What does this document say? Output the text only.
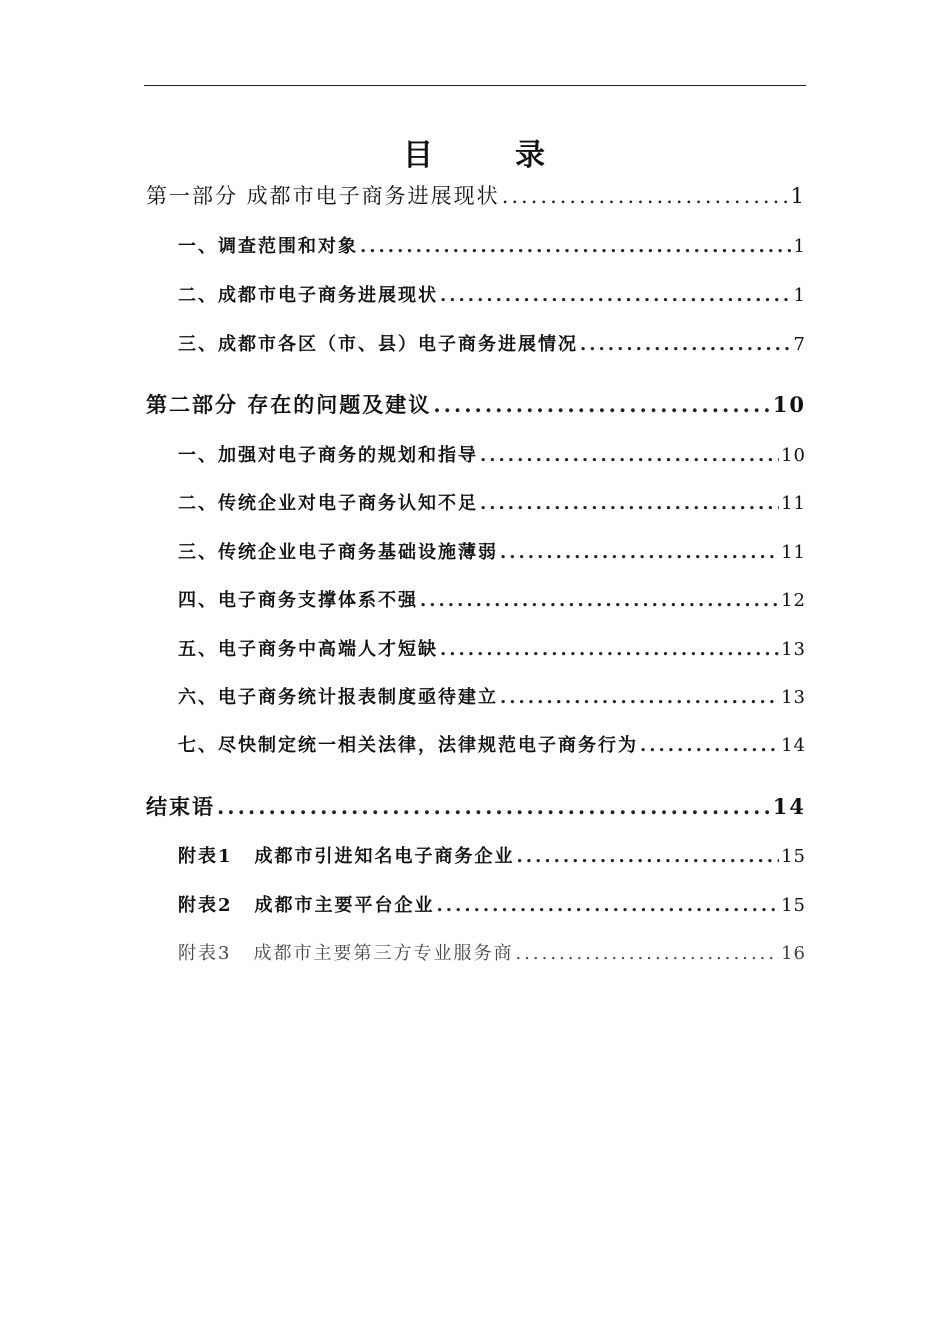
目	录
第一部分 成都市电子商务进展现状 .....	1
一、调查范围和对象 .....	1
二、成都市电子商务进展现状 .....	1
三、成都市各区（市、县）电子商务进展情况 .....	7
第二部分 存在的问题及建议 .....	10
一、加强对电子商务的规划和指导 .....	10
二、传统企业对电子商务认知不足 .....	11
三、传统企业电子商务基础设施薄弱 .....	11
四、电子商务支撑体系不强 .....	12
五、电子商务中高端人才短缺 .....	13
六、电子商务统计报表制度亟待建立 .....	13
七、尽快制定统一相关法律，法律规范电子商务行为 .....	14
结束语 .....	14
附表1 成都市引进知名电子商务企业 .....	15
附表2 成都市主要平台企业 .....	15
附表3 成都市主要第三方专业服务商 .....	16
